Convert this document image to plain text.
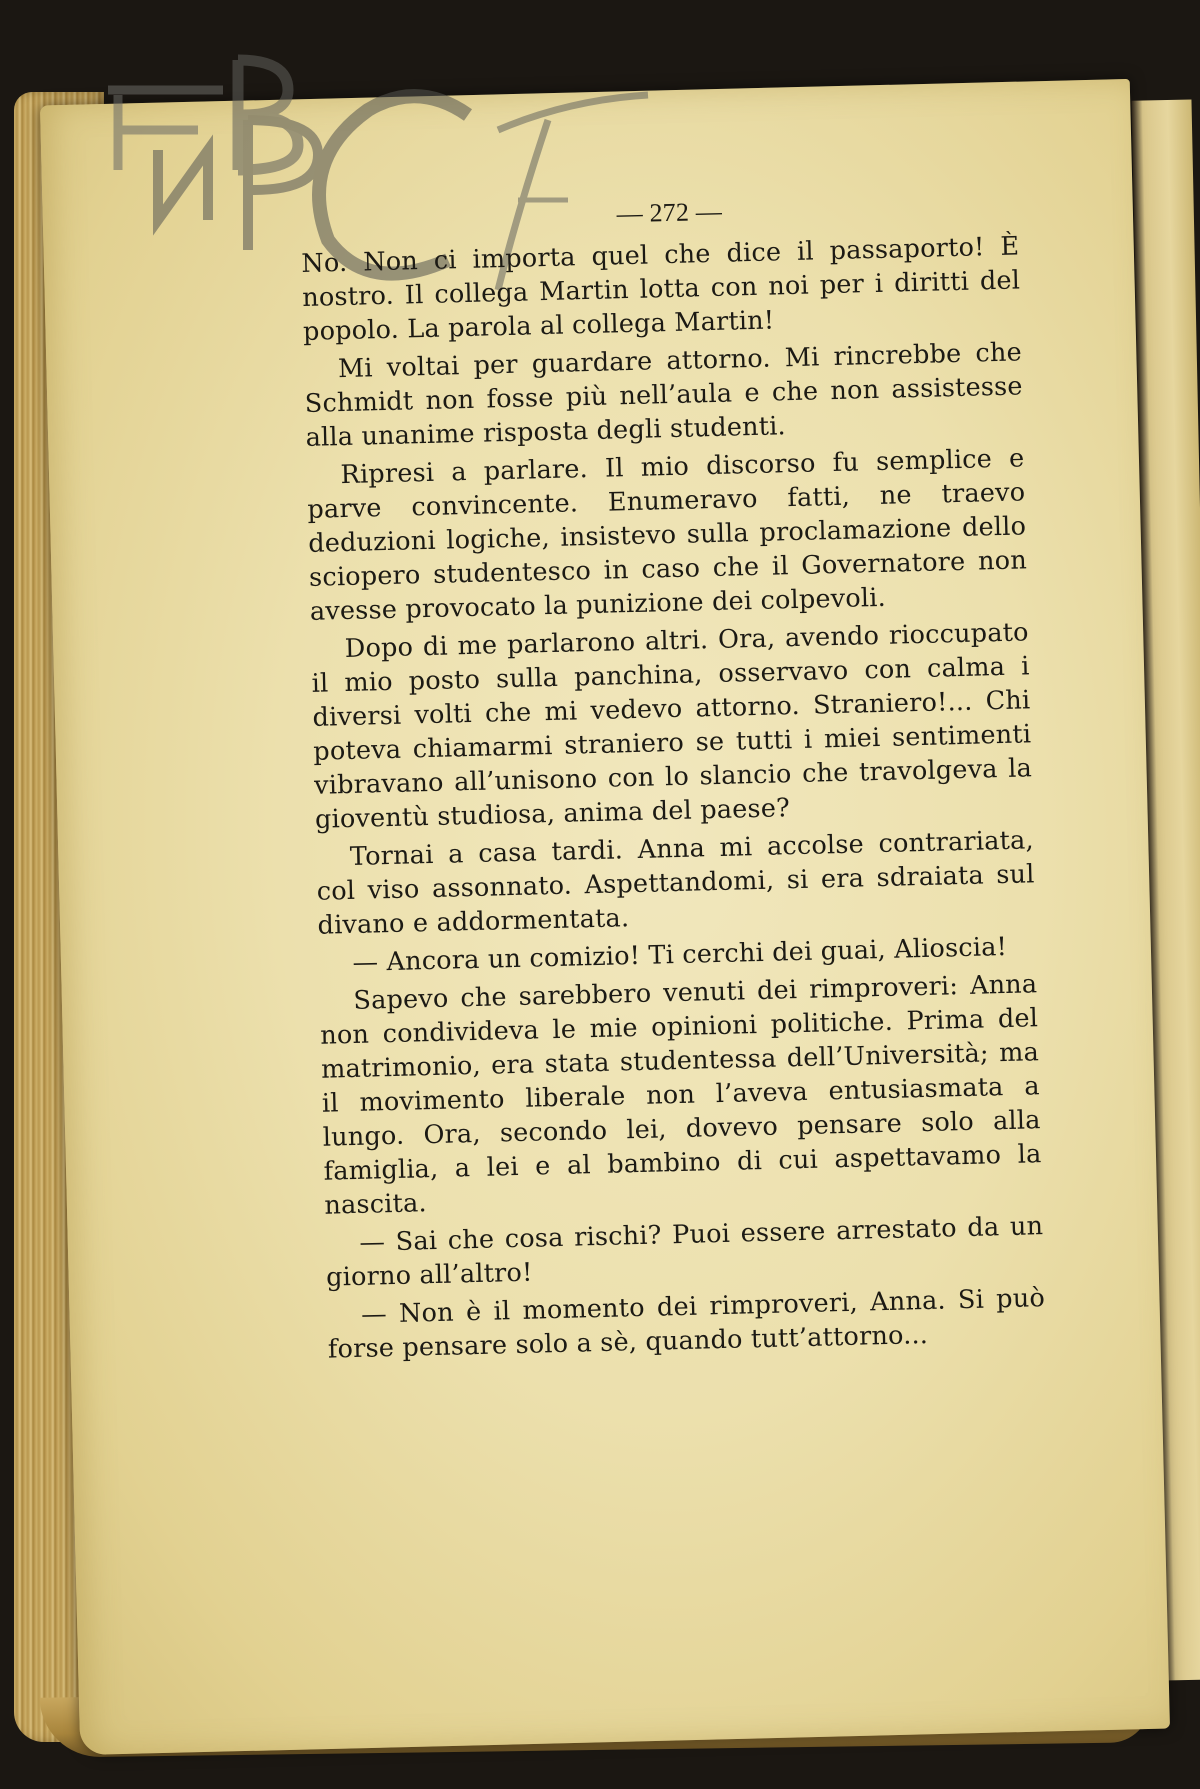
— 272 —

No. Non ci importa quel che dice il passaporto! È nostro. Il collega Martin lotta con noi per i diritti del popolo. La parola al collega Martin!

Mi voltai per guardare attorno. Mi rincrebbe che Schmidt non fosse più nell’aula e che non assistesse alla unanime risposta degli studenti.

Ripresi a parlare. Il mio discorso fu semplice e parve convincente. Enumeravo fatti, ne traevo deduzioni logiche, insistevo sulla proclamazione dello sciopero studentesco in caso che il Governatore non avesse provocato la punizione dei colpevoli.

Dopo di me parlarono altri. Ora, avendo rioccupato il mio posto sulla panchina, osservavo con calma i diversi volti che mi vedevo attorno. Straniero!... Chi poteva chiamarmi straniero se tutti i miei sentimenti vibravano all’unisono con lo slancio che travolgeva la gioventù studiosa, anima del paese?

Tornai a casa tardi. Anna mi accolse contrariata, col viso assonnato. Aspettandomi, si era sdraiata sul divano e addormentata.

— Ancora un comizio! Ti cerchi dei guai, Alioscia!

Sapevo che sarebbero venuti dei rimproveri: Anna non condivideva le mie opinioni politiche. Prima del matrimonio, era stata studentessa dell’Università; ma il movimento liberale non l’aveva entusiasmata a lungo. Ora, secondo lei, dovevo pensare solo alla famiglia, a lei e al bambino di cui aspettavamo la nascita.

— Sai che cosa rischi? Puoi essere arrestato da un giorno all’altro!

— Non è il momento dei rimproveri, Anna. Si può forse pensare solo a sè, quando tutt’attorno...
